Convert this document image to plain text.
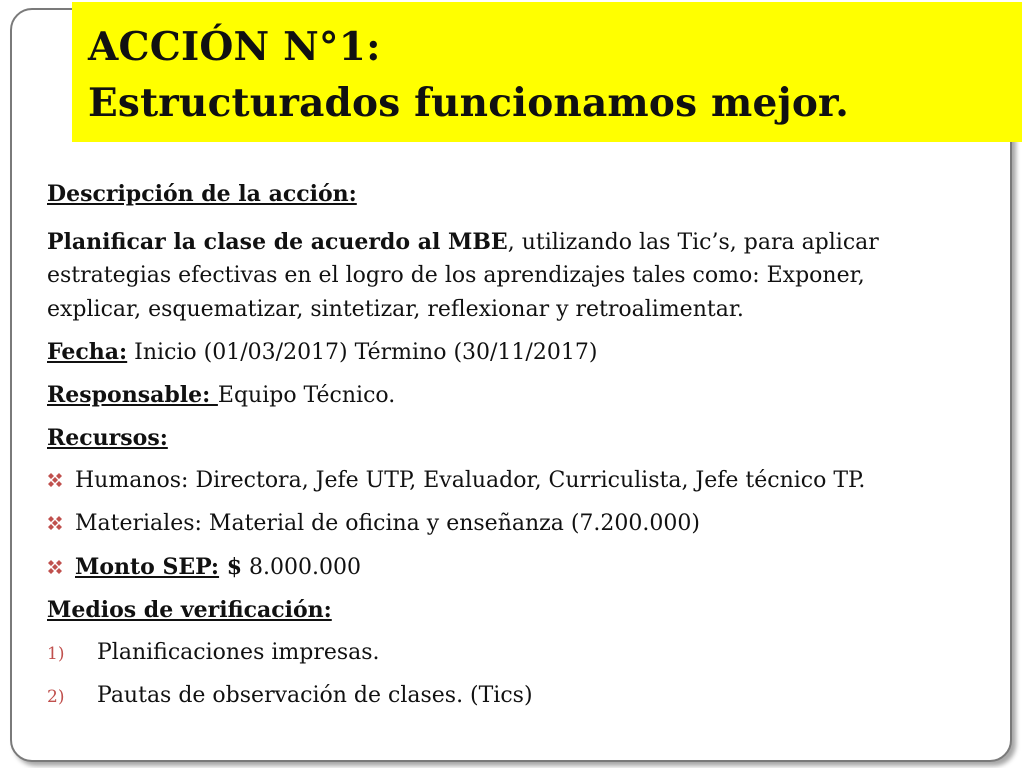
ACCIÓN N°1:
Estructurados funcionamos mejor.
Descripción de la acción:
Planificar la clase de acuerdo al MBE, utilizando las Tic’s, para aplicar
estrategias efectivas en el logro de los aprendizajes tales como: Exponer,
explicar, esquematizar, sintetizar, reflexionar y retroalimentar.
Fecha: Inicio (01/03/2017) Término (30/11/2017)
Responsable: Equipo Técnico.
Recursos:
Humanos: Directora, Jefe UTP, Evaluador, Curriculista, Jefe técnico TP.
Materiales: Material de oficina y enseñanza (7.200.000)
Monto SEP: $ 8.000.000
Medios de verificación:
1) Planificaciones impresas.
2) Pautas de observación de clases. (Tics)
